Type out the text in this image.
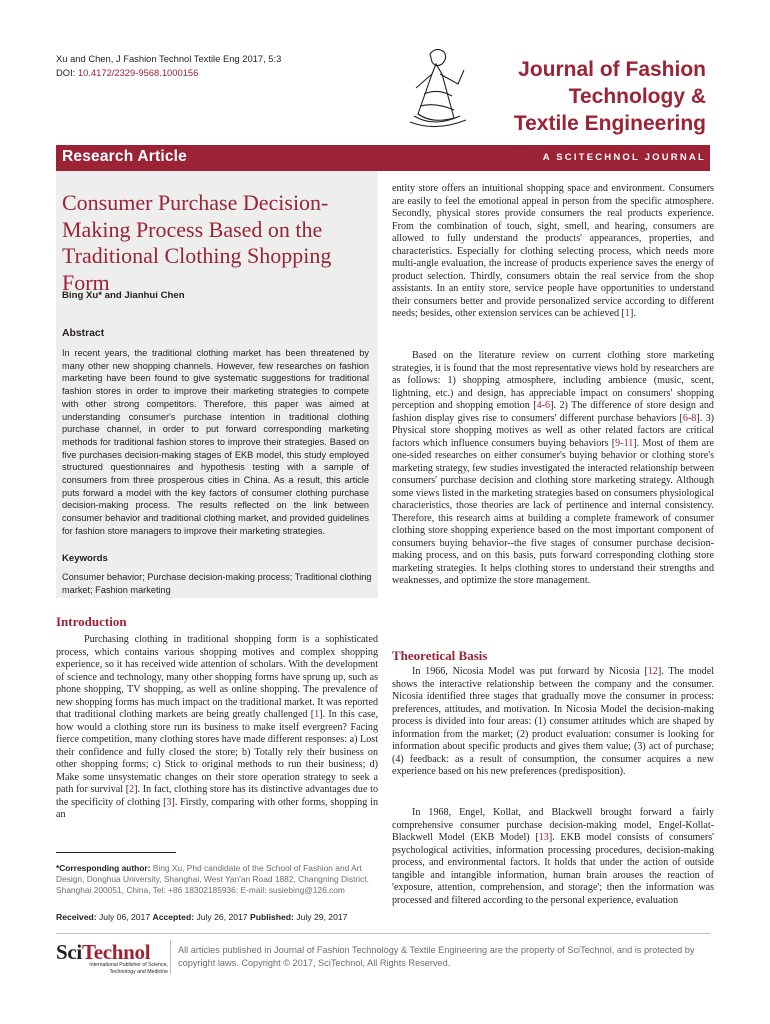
Xu and Chen, J Fashion Technol Textile Eng 2017, 5:3
DOI: 10.4172/2329-9568.1000156	Journal of Fashion
Technology &
Textile Engineering
Research Article	A SCITECHNOL JOURNAL
Consumer Purchase Decision-Making Process Based on the Traditional Clothing Shopping Form
Bing Xu* and Jianhui Chen
Abstract
In recent years, the traditional clothing market has been threatened by many other new shopping channels. However, few researches on fashion marketing have been found to give systematic suggestions for traditional fashion stores in order to improve their marketing strategies to compete with other strong competitors. Therefore, this paper was aimed at understanding consumer's purchase intention in traditional clothing purchase channel, in order to put forward corresponding marketing methods for traditional fashion stores to improve their strategies. Based on five purchases decision-making stages of EKB model, this study employed structured questionnaires and hypothesis testing with a sample of consumers from three prosperous cities in China. As a result, this article puts forward a model with the key factors of consumer clothing purchase decision-making process. The results reflected on the link between consumer behavior and traditional clothing market, and provided guidelines for fashion store managers to improve their marketing strategies.
Keywords
Consumer behavior; Purchase decision-making process; Traditional clothing market; Fashion marketing
Introduction

Purchasing clothing in traditional shopping form is a sophisticated process, which contains various shopping motives and complex shopping experience, so it has received wide attention of scholars. With the development of science and technology, many other shopping forms have sprung up, such as phone shopping, TV shopping, as well as online shopping. The prevalence of new shopping forms has much impact on the traditional market. It was reported that traditional clothing markets are being greatly challenged [1]. In this case, how would a clothing store run its business to make itself evergreen? Facing fierce competition, many clothing stores have made different responses: a) Lost their confidence and fully closed the store; b) Totally rely their business on other shopping forms; c) Stick to original methods to run their business; d) Make some unsystematic changes on their store operation strategy to seek a path for survival [2]. In fact, clothing store has its distinctive advantages due to the specificity of clothing [3]. Firstly, comparing with other forms, shopping in an

*Corresponding author: Bing Xu, Phd candidate of the School of Fashion and Art Design, Donghua University, Shanghai, West Yan'an Road 1882, Changning District, Shanghai 200051, China, Tel: +86 18302185936; E-mail: susiebing@126.com
Received: July 06, 2017 Accepted: July 26, 2017 Published: July 29, 2017

entity store offers an intuitional shopping space and environment. Consumers are easily to feel the emotional appeal in person from the specific atmosphere. Secondly, physical stores provide consumers the real products experience. From the combination of touch, sight, smell, and hearing, consumers are allowed to fully understand the products' appearances, properties, and characteristics. Especially for clothing selecting process, which needs more multi-angle evaluation, the increase of products experience saves the energy of product selection. Thirdly, consumers obtain the real service from the shop assistants. In an entity store, service people have opportunities to understand their consumers better and provide personalized service according to different needs; besides, other extension services can be achieved [1].

Based on the literature review on current clothing store marketing strategies, it is found that the most representative views hold by researchers are as follows: 1) shopping atmosphere, including ambience (music, scent, lightning, etc.) and design, has appreciable impact on consumers' shopping perception and shopping emotion [4-6]. 2) The difference of store design and fashion display gives rise to consumers' different purchase behaviors [6-8]. 3) Physical store shopping motives as well as other related factors are critical factors which influence consumers buying behaviors [9-11]. Most of them are one-sided researches on either consumer's buying behavior or clothing store's marketing strategy, few studies investigated the interacted relationship between consumers' purchase decision and clothing store marketing strategy. Although some views listed in the marketing strategies based on consumers physiological characteristics, those theories are lack of pertinence and internal consistency. Therefore, this research aims at building a complete framework of consumer clothing store shopping experience based on the most important component of consumers buying behavior--the five stages of consumer purchase decision-making process, and on this basis, puts forward corresponding clothing store marketing strategies. It helps clothing stores to understand their strengths and weaknesses, and optimize the store management.

Theoretical Basis

In 1966, Nicosia Model was put forward by Nicosia [12]. The model shows the interactive relationship between the company and the consumer. Nicosia identified three stages that gradually move the consumer in process: preferences, attitudes, and motivation. In Nicosia Model the decision-making process is divided into four areas: (1) consumer attitudes which are shaped by information from the market; (2) product evaluation: consumer is looking for information about specific products and gives them value; (3) act of purchase; (4) feedback: as a result of consumption, the consumer acquires a new experience based on his new preferences (predisposition).

In 1968, Engel, Kollat, and Blackwell brought forward a fairly comprehensive consumer purchase decision-making model, Engel-Kollat-Blackwell Model (EKB Model) [13]. EKB model consists of consumers' psychological activities, information processing procedures, decision-making process, and environmental factors. It holds that under the action of outside tangible and intangible information, human brain arouses the reaction of 'exposure, attention, comprehension, and storage'; then the information was processed and filtered according to the personal experience, evaluation

SciTechnol
International Publisher of Science, Technology and Medicine
All articles published in Journal of Fashion Technology & Textile Engineering are the property of SciTechnol, and is protected by copyright laws. Copyright © 2017, SciTechnol, All Rights Reserved.
